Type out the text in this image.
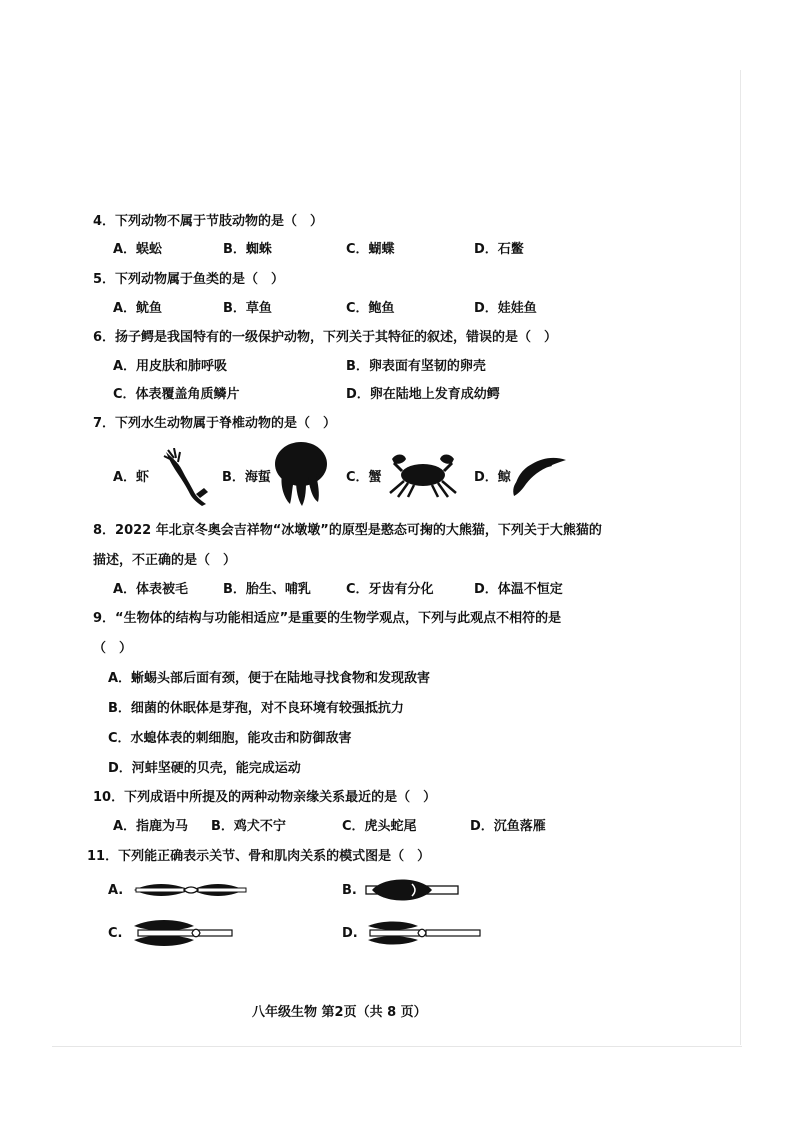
4．下列动物不属于节肢动物的是（　）
A．蜈蚣	B．蜘蛛	C．蝴蝶	D．石鳖
5．下列动物属于鱼类的是（　）
A．鱿鱼	B．草鱼	C．鲍鱼	D．娃娃鱼
6．扬子鳄是我国特有的一级保护动物，下列关于其特征的叙述，错误的是（　）
A．用皮肤和肺呼吸	B．卵表面有坚韧的卵壳
C．体表覆盖角质鳞片	D．卵在陆地上发育成幼鳄
7．下列水生动物属于脊椎动物的是（　）
A．虾	B．海蜇	C．蟹	D．鲸
8．2022 年北京冬奥会吉祥物“冰墩墩”的原型是憨态可掬的大熊猫，下列关于大熊猫的
描述，不正确的是（　）
A．体表被毛	B．胎生、哺乳	C．牙齿有分化	D．体温不恒定
9．“生物体的结构与功能相适应”是重要的生物学观点，下列与此观点不相符的是
（　）
A．蜥蜴头部后面有颈，便于在陆地寻找食物和发现敌害
B．细菌的休眠体是芽孢，对不良环境有较强抵抗力
C．水螅体表的刺细胞，能攻击和防御敌害
D．河蚌坚硬的贝壳，能完成运动
10．下列成语中所提及的两种动物亲缘关系最近的是（　）
A．指鹿为马 B．鸡犬不宁	C．虎头蛇尾	D．沉鱼落雁
11．下列能正确表示关节、骨和肌肉关系的模式图是（　）
A.	B.
C.	D.
八年级生物 第2页（共 8 页）
